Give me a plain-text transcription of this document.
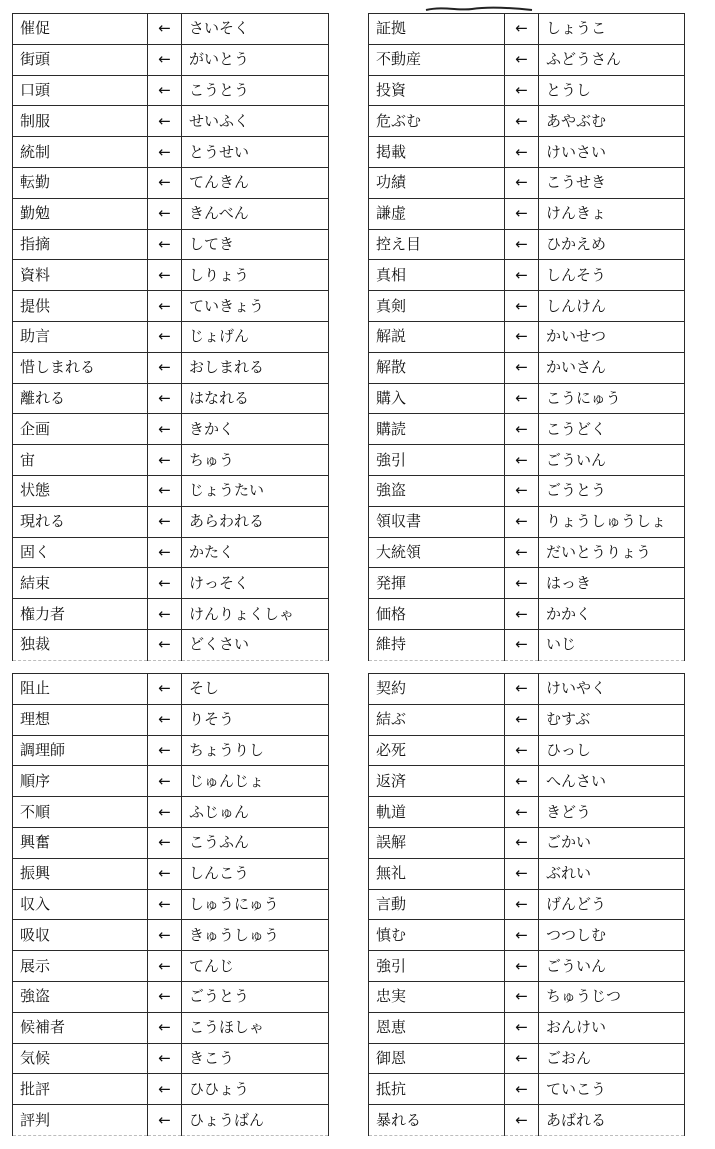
催促	←	さいそく
街頭	←	がいとう
口頭	←	こうとう
制服	←	せいふく
統制	←	とうせい
転勤	←	てんきん
勤勉	←	きんべん
指摘	←	してき
資料	←	しりょう
提供	←	ていきょう
助言	←	じょげん
惜しまれる	←	おしまれる
離れる	←	はなれる
企画	←	きかく
宙	←	ちゅう
状態	←	じょうたい
現れる	←	あらわれる
固く	←	かたく
結束	←	けっそく
権力者	←	けんりょくしゃ
独裁	←	どくさい
証拠	←	しょうこ
不動産	←	ふどうさん
投資	←	とうし
危ぶむ	←	あやぶむ
掲載	←	けいさい
功績	←	こうせき
謙虚	←	けんきょ
控え目	←	ひかえめ
真相	←	しんそう
真剣	←	しんけん
解説	←	かいせつ
解散	←	かいさん
購入	←	こうにゅう
購読	←	こうどく
強引	←	ごういん
強盗	←	ごうとう
領収書	←	りょうしゅうしょ
大統領	←	だいとうりょう
発揮	←	はっき
価格	←	かかく
維持	←	いじ
阻止	←	そし
理想	←	りそう
調理師	←	ちょうりし
順序	←	じゅんじょ
不順	←	ふじゅん
興奮	←	こうふん
振興	←	しんこう
収入	←	しゅうにゅう
吸収	←	きゅうしゅう
展示	←	てんじ
強盗	←	ごうとう
候補者	←	こうほしゃ
気候	←	きこう
批評	←	ひひょう
評判	←	ひょうばん
契約	←	けいやく
結ぶ	←	むすぶ
必死	←	ひっし
返済	←	へんさい
軌道	←	きどう
誤解	←	ごかい
無礼	←	ぶれい
言動	←	げんどう
慎む	←	つつしむ
強引	←	ごういん
忠実	←	ちゅうじつ
恩恵	←	おんけい
御恩	←	ごおん
抵抗	←	ていこう
暴れる	←	あばれる
